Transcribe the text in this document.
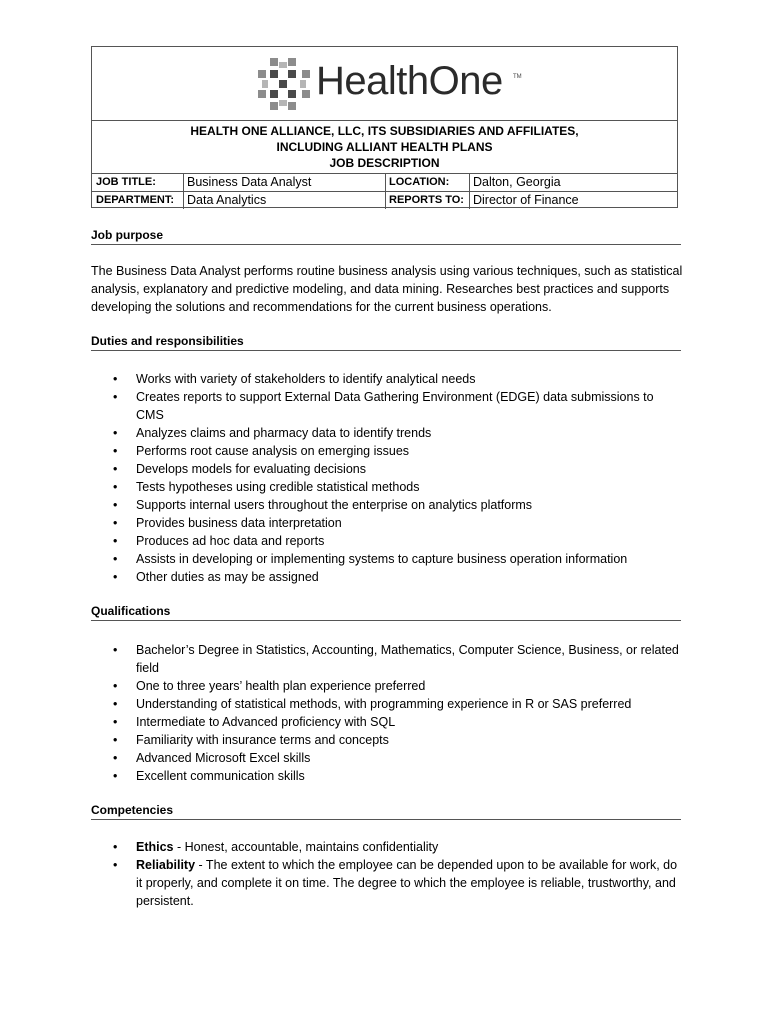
HealthOne TM
HEALTH ONE ALLIANCE, LLC, ITS SUBSIDIARIES AND AFFILIATES,
INCLUDING ALLIANT HEALTH PLANS
JOB DESCRIPTION
JOB TITLE:	Business Data Analyst	LOCATION:	Dalton, Georgia
DEPARTMENT:	Data Analytics	REPORTS TO: Director of Finance
Job purpose
The Business Data Analyst performs routine business analysis using various techniques, such as statistical analysis, explanatory and predictive modeling, and data mining. Researches best practices and supports developing the solutions and recommendations for the current business operations.
Duties and responsibilities
• Works with variety of stakeholders to identify analytical needs
• Creates reports to support External Data Gathering Environment (EDGE) data submissions to CMS
• Analyzes claims and pharmacy data to identify trends
• Performs root cause analysis on emerging issues
• Develops models for evaluating decisions
• Tests hypotheses using credible statistical methods
• Supports internal users throughout the enterprise on analytics platforms
• Provides business data interpretation
• Produces ad hoc data and reports
• Assists in developing or implementing systems to capture business operation information
• Other duties as may be assigned
Qualifications
• Bachelor’s Degree in Statistics, Accounting, Mathematics, Computer Science, Business, or related field
• One to three years’ health plan experience preferred
• Understanding of statistical methods, with programming experience in R or SAS preferred
• Intermediate to Advanced proficiency with SQL
• Familiarity with insurance terms and concepts
• Advanced Microsoft Excel skills
• Excellent communication skills
Competencies
• Ethics - Honest, accountable, maintains confidentiality
• Reliability - The extent to which the employee can be depended upon to be available for work, do it properly, and complete it on time. The degree to which the employee is reliable, trustworthy, and persistent.
